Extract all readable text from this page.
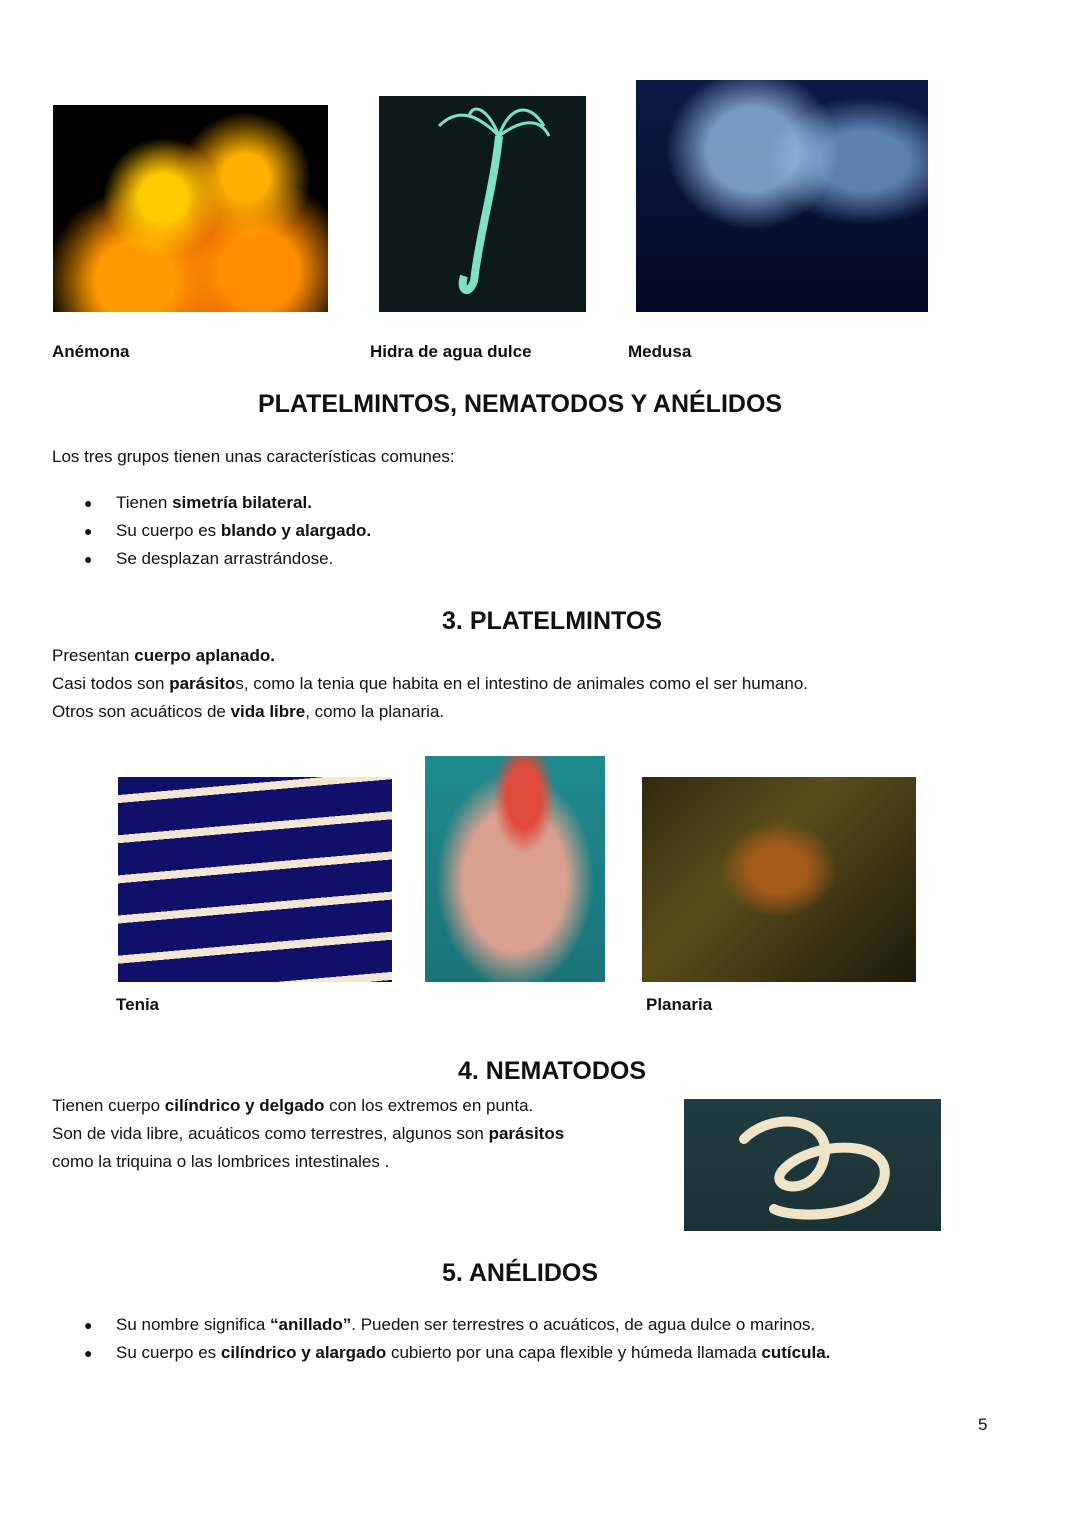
Anémona	Hidra de agua dulce	Medusa
PLATELMINTOS, NEMATODOS Y ANÉLIDOS
Los tres grupos tienen unas características comunes:
● Tienen simetría bilateral.
● Su cuerpo es blando y alargado.
● Se desplazan arrastrándose.
3. PLATELMINTOS
Presentan cuerpo aplanado.
Casi todos son parásitos, como la tenia que habita en el intestino de animales como el ser humano.
Otros son acuáticos de vida libre, como la planaria.
Tenia	Planaria
4. NEMATODOS
Tienen cuerpo cilíndrico y delgado con los extremos en punta.
Son de vida libre, acuáticos como terrestres, algunos son parásitos
como la triquina o las lombrices intestinales .
5. ANÉLIDOS
● Su nombre significa “anillado”. Pueden ser terrestres o acuáticos, de agua dulce o marinos.
● Su cuerpo es cilíndrico y alargado cubierto por una capa flexible y húmeda llamada cutícula.
5
